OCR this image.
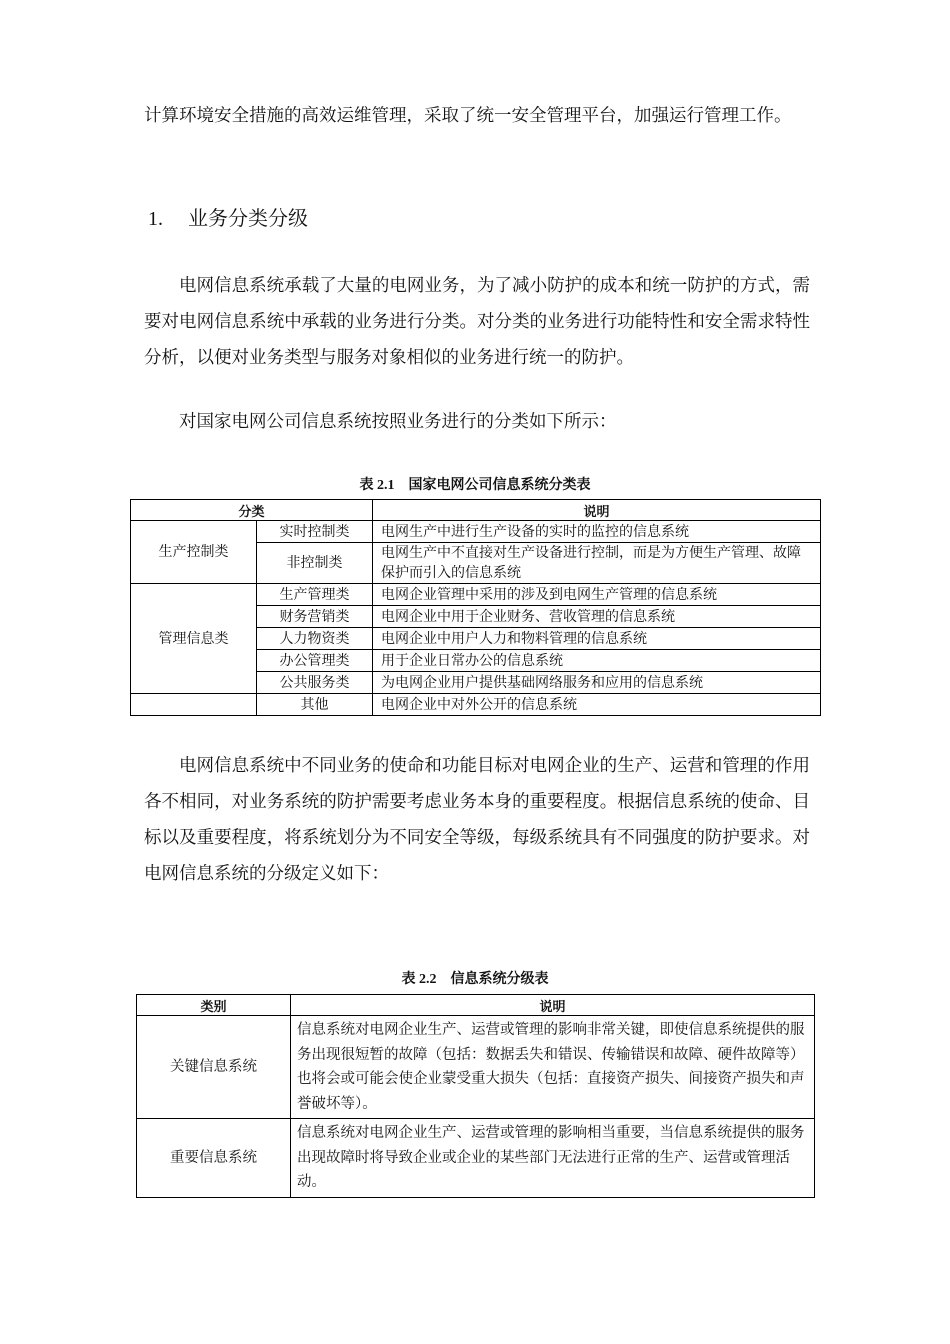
计算环境安全措施的高效运维管理，采取了统一安全管理平台，加强运行管理工作。

1. 业务分类分级

电网信息系统承载了大量的电网业务，为了减小防护的成本和统一防护的方式，需要对电网信息系统中承载的业务进行分类。对分类的业务进行功能特性和安全需求特性分析，以便对业务类型与服务对象相似的业务进行统一的防护。

对国家电网公司信息系统按照业务进行的分类如下所示：

表 2.1 国家电网公司信息系统分类表
分类		说明
生产控制类	实时控制类	电网生产中进行生产设备的实时的监控的信息系统
	非控制类	电网生产中不直接对生产设备进行控制，而是为方便生产管理、故障保护而引入的信息系统
管理信息类	生产管理类	电网企业管理中采用的涉及到电网生产管理的信息系统
	财务营销类	电网企业中用于企业财务、营收管理的信息系统
	人力物资类	电网企业中用户人力和物料管理的信息系统
	办公管理类	用于企业日常办公的信息系统
	公共服务类	为电网企业用户提供基础网络服务和应用的信息系统
	其他	电网企业中对外公开的信息系统

电网信息系统中不同业务的使命和功能目标对电网企业的生产、运营和管理的作用各不相同，对业务系统的防护需要考虑业务本身的重要程度。根据信息系统的使命、目标以及重要程度，将系统划分为不同安全等级，每级系统具有不同强度的防护要求。对电网信息系统的分级定义如下：

表 2.2 信息系统分级表
类别	说明
关键信息系统	信息系统对电网企业生产、运营或管理的影响非常关键，即使信息系统提供的服务出现很短暂的故障（包括：数据丢失和错误、传输错误和故障、硬件故障等）也将会或可能会使企业蒙受重大损失（包括：直接资产损失、间接资产损失和声誉破坏等）。
重要信息系统	信息系统对电网企业生产、运营或管理的影响相当重要，当信息系统提供的服务出现故障时将导致企业或企业的某些部门无法进行正常的生产、运营或管理活动。
